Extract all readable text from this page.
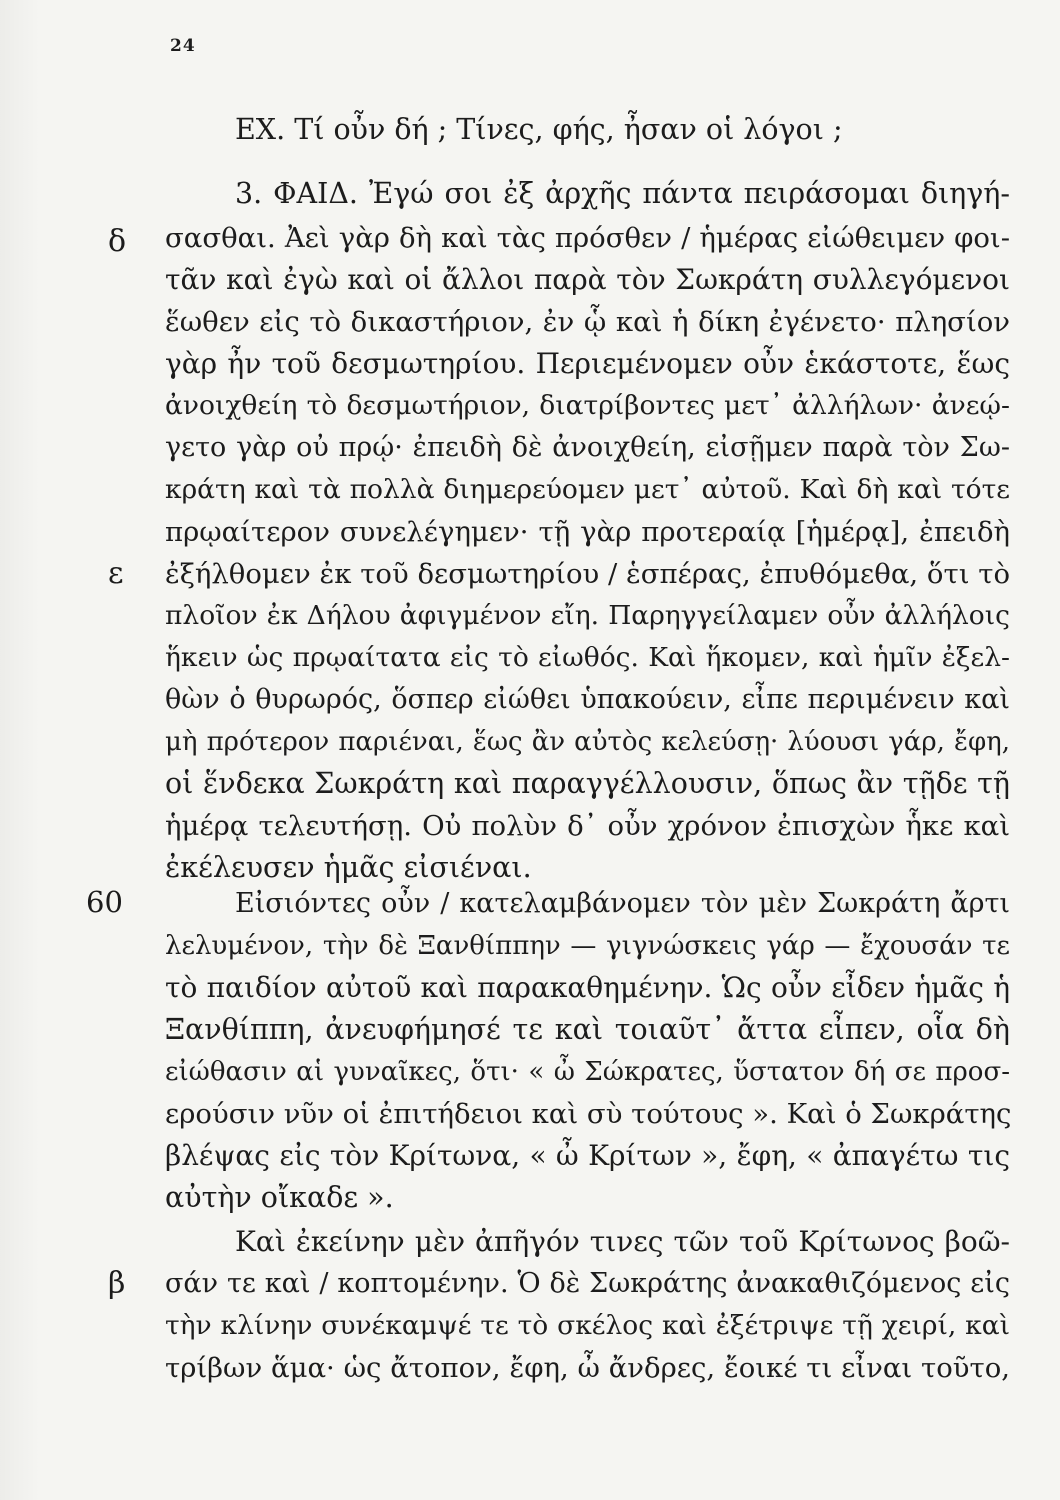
24
ΕΧ. Τί οὖν δή ; Τίνες, φής, ἦσαν οἱ λόγοι ;
3. ΦΑΙΔ. Ἐγώ σοι ἐξ ἀρχῆς πάντα πειράσομαι διηγή-
δ σασθαι. Ἀεὶ γὰρ δὴ καὶ τὰς πρόσθεν / ἡμέρας εἰώθειμεν φοι-
τᾶν καὶ ἐγὼ καὶ οἱ ἄλλοι παρὰ τὸν Σωκράτη συλλεγόμενοι
ἕωθεν εἰς τὸ δικαστήριον, ἐν ᾧ καὶ ἡ δίκη ἐγένετο· πλησίον
γὰρ ἦν τοῦ δεσμωτηρίου. Περιεμένομεν οὖν ἑκάστοτε, ἕως
ἀνοιχθείη τὸ δεσμωτήριον, διατρίβοντες μετ᾽ ἀλλήλων· ἀνεῴ-
γετο γὰρ οὐ πρῴ· ἐπειδὴ δὲ ἀνοιχθείη, εἰσῇμεν παρὰ τὸν Σω-
κράτη καὶ τὰ πολλὰ διημερεύομεν μετ᾽ αὐτοῦ. Καὶ δὴ καὶ τότε
πρῳαίτερον συνελέγημεν· τῇ γὰρ προτεραίᾳ [ἡμέρᾳ], ἐπειδὴ
ε ἐξήλθομεν ἐκ τοῦ δεσμωτηρίου / ἑσπέρας, ἐπυθόμεθα, ὅτι τὸ
πλοῖον ἐκ Δήλου ἀφιγμένον εἴη. Παρηγγείλαμεν οὖν ἀλλήλοις
ἥκειν ὡς πρῳαίτατα εἰς τὸ εἰωθός. Καὶ ἥκομεν, καὶ ἡμῖν ἐξελ-
θὼν ὁ θυρωρός, ὅσπερ εἰώθει ὑπακούειν, εἶπε περιμένειν καὶ
μὴ πρότερον παριέναι, ἕως ἂν αὐτὸς κελεύσῃ· λύουσι γάρ, ἔφη,
οἱ ἕνδεκα Σωκράτη καὶ παραγγέλλουσιν, ὅπως ἂν τῇδε τῇ
ἡμέρᾳ τελευτήσῃ. Οὐ πολὺν δ᾽ οὖν χρόνον ἐπισχὼν ἧκε καὶ
ἐκέλευσεν ἡμᾶς εἰσιέναι.
60	Εἰσιόντες οὖν / κατελαμβάνομεν τὸν μὲν Σωκράτη ἄρτι
λελυμένον, τὴν δὲ Ξανθίππην — γιγνώσκεις γάρ — ἔχουσάν τε
τὸ παιδίον αὐτοῦ καὶ παρακαθημένην. Ὡς οὖν εἶδεν ἡμᾶς ἡ
Ξανθίππη, ἀνευφήμησέ τε καὶ τοιαῦτ᾽ ἄττα εἶπεν, οἷα δὴ
εἰώθασιν αἱ γυναῖκες, ὅτι· « ὦ Σώκρατες, ὕστατον δή σε προσ-
ερούσιν νῦν οἱ ἐπιτήδειοι καὶ σὺ τούτους ». Καὶ ὁ Σωκράτης
βλέψας εἰς τὸν Κρίτωνα, « ὦ Κρίτων », ἔφη, « ἀπαγέτω τις
αὐτὴν οἴκαδε ».
Καὶ ἐκείνην μὲν ἀπῆγόν τινες τῶν τοῦ Κρίτωνος βοῶ-
β σάν τε καὶ / κοπτομένην. Ὁ δὲ Σωκράτης ἀνακαθιζόμενος εἰς
τὴν κλίνην συνέκαμψέ τε τὸ σκέλος καὶ ἐξέτριψε τῇ χειρί, καὶ
τρίβων ἅμα· ὡς ἄτοπον, ἔφη, ὦ ἄνδρες, ἔοικέ τι εἶναι τοῦτο,
